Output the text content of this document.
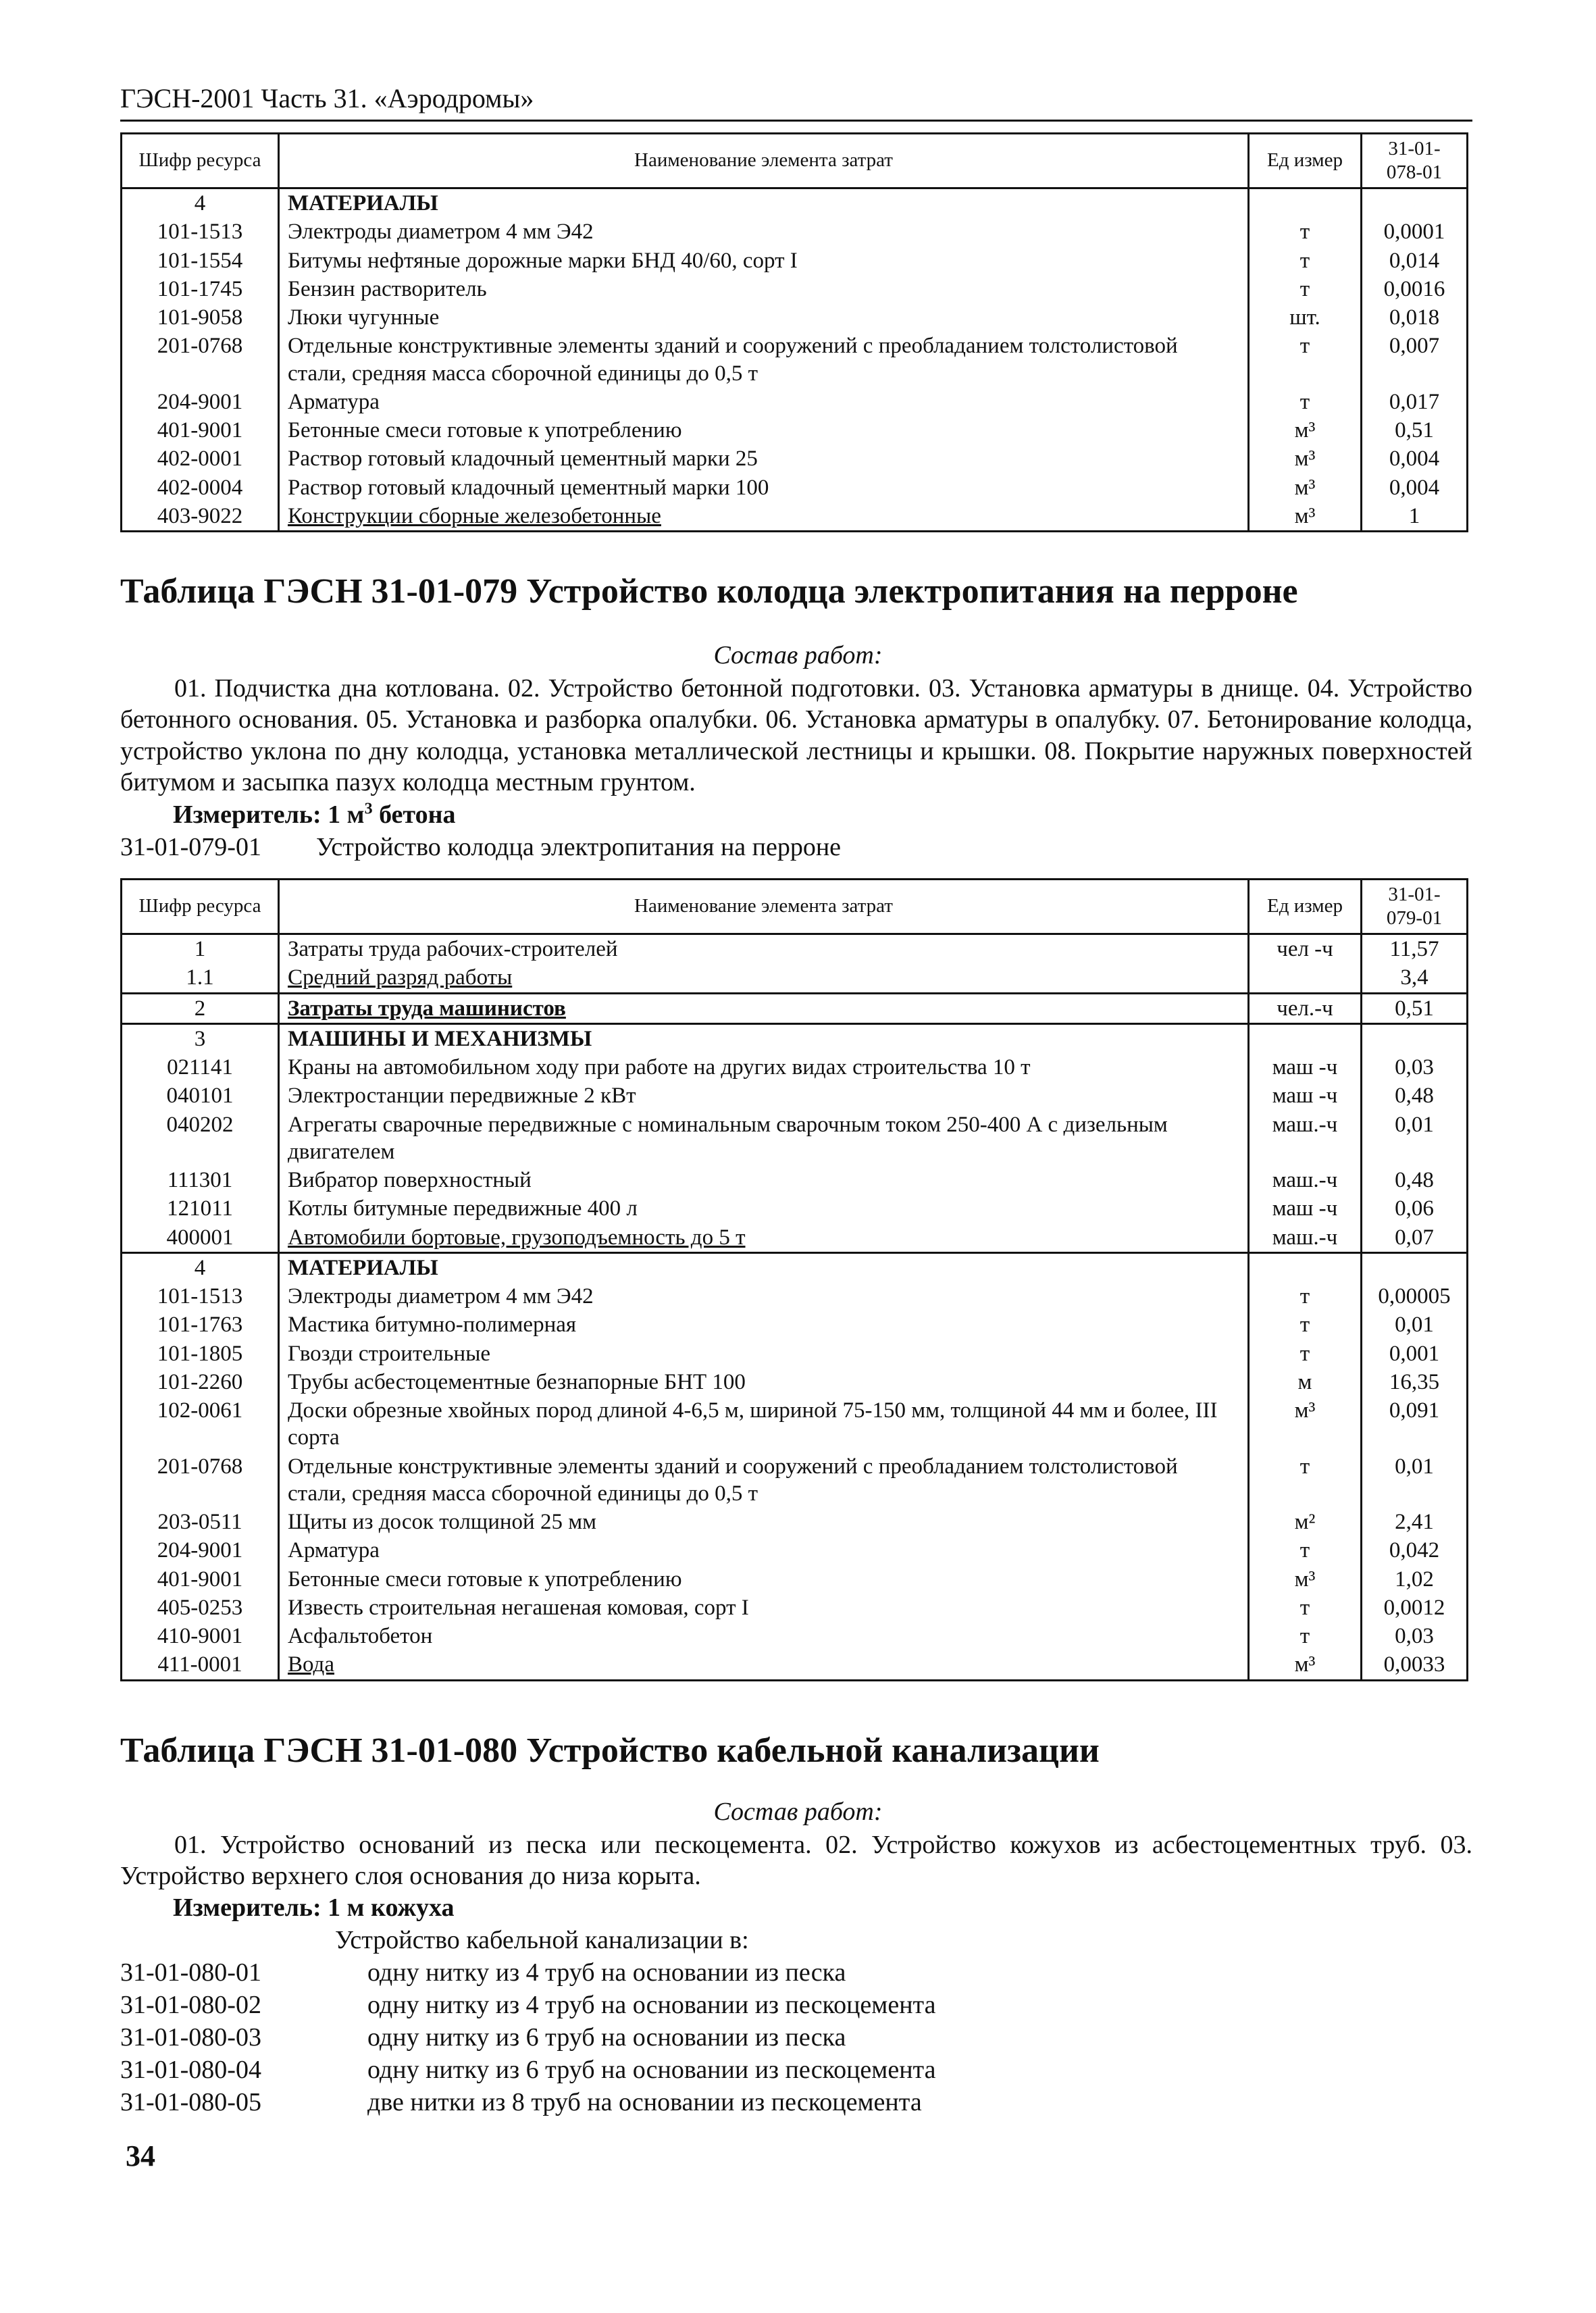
ГЭСН-2001 Часть 31. «Аэродромы»
Шифр ресурса	Наименование элемента затрат	Ед измер	31-01-078-01
4	МАТЕРИАЛЫ		
101-1513	Электроды диаметром 4 мм Э42	т	0,0001
101-1554	Битумы нефтяные дорожные марки БНД 40/60, сорт I	т	0,014
101-1745	Бензин растворитель	т	0,0016
101-9058	Люки чугунные	шт.	0,018
201-0768	Отдельные конструктивные элементы зданий и сооружений с преобладанием толстолистовой стали, средняя масса сборочной единицы до 0,5 т	т	0,007
204-9001	Арматура	т	0,017
401-9001	Бетонные смеси готовые к употреблению	м³	0,51
402-0001	Раствор готовый кладочный цементный марки 25	м³	0,004
402-0004	Раствор готовый кладочный цементный марки 100	м³	0,004
403-9022	Конструкции сборные железобетонные	м³	1
Таблица ГЭСН 31-01-079 Устройство колодца электропитания на перроне
Состав работ:
01. Подчистка дна котлована. 02. Устройство бетонной подготовки. 03. Установка арматуры в днище. 04. Устройство бетонного основания. 05. Установка и разборка опалубки. 06. Установка арматуры в опалубку. 07. Бетонирование колодца, устройство уклона по дну колодца, установка металлической лестницы и крышки. 08. Покрытие наружных поверхностей битумом и засыпка пазух колодца местным грунтом.
Измеритель: 1 $м^3$ бетона
31-01-079-01 Устройство колодца электропитания на перроне
Шифр ресурса	Наименование элемента затрат	Ед измер	31-01-079-01
1	Затраты труда рабочих-строителей	чел -ч	11,57
1.1	Средний разряд работы		3,4
2	Затраты труда машинистов	чел.-ч	0,51
3	МАШИНЫ И МЕХАНИЗМЫ		
021141	Краны на автомобильном ходу при работе на других видах строительства 10 т	маш -ч	0,03
040101	Электростанции передвижные 2 кВт	маш -ч	0,48
040202	Агрегаты сварочные передвижные с номинальным сварочным током 250-400 А с дизельным двигателем	маш.-ч	0,01
111301	Вибратор поверхностный	маш.-ч	0,48
121011	Котлы битумные передвижные 400 л	маш -ч	0,06
400001	Автомобили бортовые, грузоподъемность до 5 т	маш.-ч	0,07
4	МАТЕРИАЛЫ		
101-1513	Электроды диаметром 4 мм Э42	т	0,00005
101-1763	Мастика битумно-полимерная	т	0,01
101-1805	Гвозди строительные	т	0,001
101-2260	Трубы асбестоцементные безнапорные БНТ 100	м	16,35
102-0061	Доски обрезные хвойных пород длиной 4-6,5 м, шириной 75-150 мм, толщиной 44 мм и более, III сорта	м³	0,091
201-0768	Отдельные конструктивные элементы зданий и сооружений с преобладанием толстолистовой стали, средняя масса сборочной единицы до 0,5 т	т	0,01
203-0511	Щиты из досок толщиной 25 мм	м²	2,41
204-9001	Арматура	т	0,042
401-9001	Бетонные смеси готовые к употреблению	м³	1,02
405-0253	Известь строительная негашеная комовая, сорт I	т	0,0012
410-9001	Асфальтобетон	т	0,03
411-0001	Вода	м³	0,0033
Таблица ГЭСН 31-01-080 Устройство кабельной канализации
Состав работ:
01. Устройство оснований из песка или пескоцемента. 02. Устройство кожухов из асбестоцементных труб. 03. Устройство верхнего слоя основания до низа корыта.
Измеритель: 1 м кожуха
Устройство кабельной канализации в:
31-01-080-01	одну нитку из 4 труб на основании из песка
31-01-080-02	одну нитку из 4 труб на основании из пескоцемента
31-01-080-03	одну нитку из 6 труб на основании из песка
31-01-080-04	одну нитку из 6 труб на основании из пескоцемента
31-01-080-05	две нитки из 8 труб на основании из пескоцемента
34
